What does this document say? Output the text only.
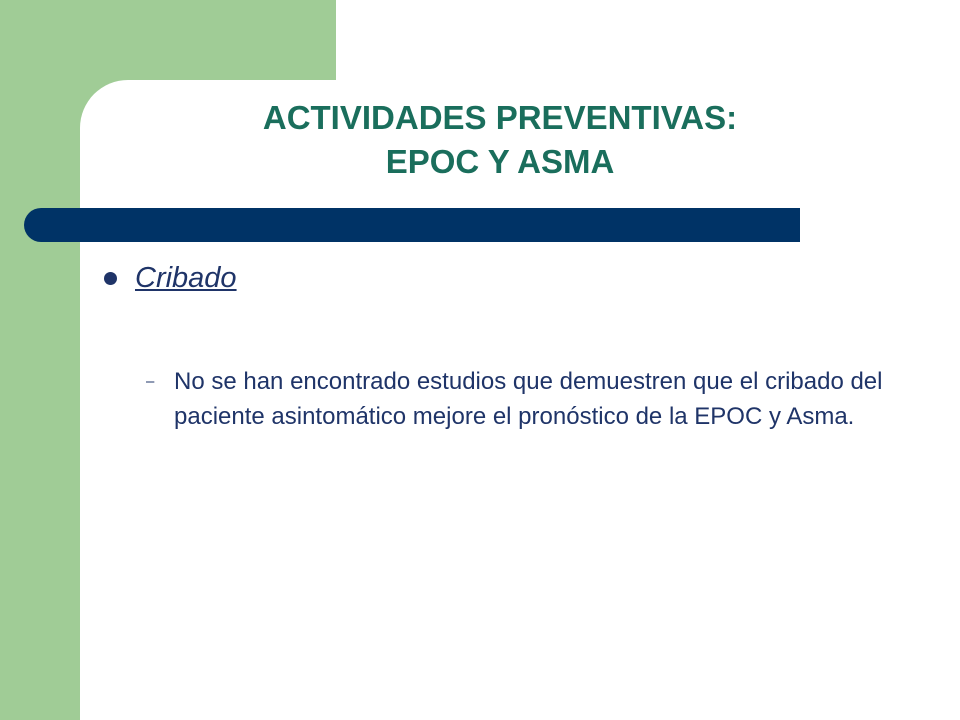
ACTIVIDADES PREVENTIVAS:
EPOC Y ASMA
Cribado
– No se han encontrado estudios que demuestren que el cribado del paciente asintomático mejore el pronóstico de la EPOC y Asma.
